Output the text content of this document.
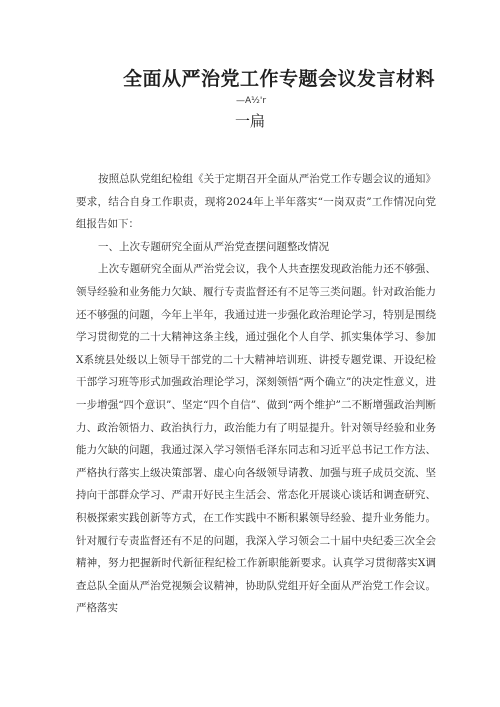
全面从严治党工作专题会议发言材料
—A½'r
一扁

按照总队党组纪检组《关于定期召开全面从严治党工作专题会议的通知》要求，结合自身工作职责，现将2024年上半年落实“一岗双责”工作情况向党组报告如下：

一、上次专题研究全面从严治党查摆问题整改情况

上次专题研究全面从严治党会议，我个人共查摆发现政治能力还不够强、领导经验和业务能力欠缺、履行专责监督还有不足等三类问题。针对政治能力还不够强的问题，今年上半年，我通过进一步强化政治理论学习，特别是围绕学习贯彻党的二十大精神这条主线，通过强化个人自学、抓实集体学习、参加X系统县处级以上领导干部党的二十大精神培训班、讲授专题党课、开设纪检干部学习班等形式加强政治理论学习，深刻领悟“两个确立”的决定性意义，进一步增强“四个意识”、坚定“四个自信”、做到“两个维护”二不断增强政治判断力、政治领悟力、政治执行力，政治能力有了明显提升。针对领导经验和业务能力欠缺的问题，我通过深入学习领悟毛泽东同志和习近平总书记工作方法、严格执行落实上级决策部署、虚心向各级领导请教、加强与班子成员交流、坚持向干部群众学习、严肃开好民主生活会、常态化开展谈心谈话和调查研究、积极探索实践创新等方式，在工作实践中不断积累领导经验、提升业务能力。针对履行专责监督还有不足的问题，我深入学习领会二十届中央纪委三次全会精神，努力把握新时代新征程纪检工作新职能新要求。认真学习贯彻落实X调查总队全面从严治党视频会议精神，协助队党组开好全面从严治党工作会议。严格落实
